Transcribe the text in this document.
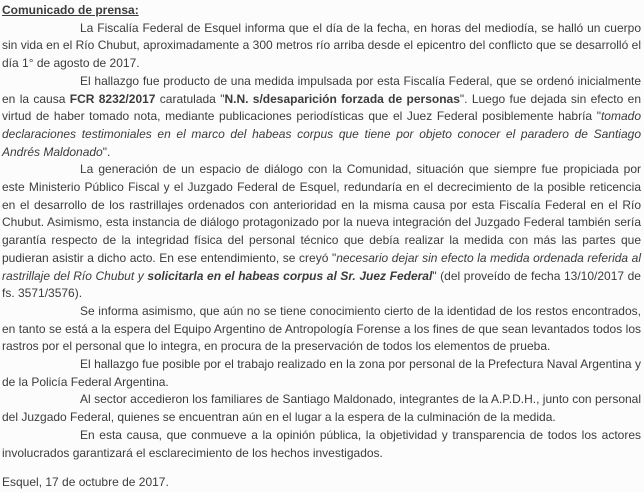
Comunicado de prensa:

La Fiscalía Federal de Esquel informa que el día de la fecha, en horas del mediodía, se halló un cuerpo sin vida en el Río Chubut, aproximadamente a 300 metros río arriba desde el epicentro del conflicto que se desarrolló el día 1° de agosto de 2017.

El hallazgo fue producto de una medida impulsada por esta Fiscalía Federal, que se ordenó inicialmente en la causa FCR 8232/2017 caratulada "N.N. s/desaparición forzada de personas". Luego fue dejada sin efecto en virtud de haber tomado nota, mediante publicaciones periodísticas que el Juez Federal posiblemente habría "tomado declaraciones testimoniales en el marco del habeas corpus que tiene por objeto conocer el paradero de Santiago Andrés Maldonado".

La generación de un espacio de diálogo con la Comunidad, situación que siempre fue propiciada por este Ministerio Público Fiscal y el Juzgado Federal de Esquel, redundaría en el decrecimiento de la posible reticencia en el desarrollo de los rastrillajes ordenados con anterioridad en la misma causa por esta Fiscalía Federal en el Río Chubut. Asimismo, esta instancia de diálogo protagonizado por la nueva integración del Juzgado Federal también sería garantía respecto de la integridad física del personal técnico que debía realizar la medida con más las partes que pudieran asistir a dicho acto. En ese entendimiento, se creyó "necesario dejar sin efecto la medida ordenada referida al rastrillaje del Río Chubut y solicitarla en el habeas corpus al Sr. Juez Federal" (del proveído de fecha 13/10/2017 de fs. 3571/3576).

Se informa asimismo, que aún no se tiene conocimiento cierto de la identidad de los restos encontrados, en tanto se está a la espera del Equipo Argentino de Antropología Forense a los fines de que sean levantados todos los rastros por el personal que lo integra, en procura de la preservación de todos los elementos de prueba.

El hallazgo fue posible por el trabajo realizado en la zona por personal de la Prefectura Naval Argentina y de la Policía Federal Argentina.

Al sector accedieron los familiares de Santiago Maldonado, integrantes de la A.P.D.H., junto con personal del Juzgado Federal, quienes se encuentran aún en el lugar a la espera de la culminación de la medida.

En esta causa, que conmueve a la opinión pública, la objetividad y transparencia de todos los actores involucrados garantizará el esclarecimiento de los hechos investigados.

Esquel, 17 de octubre de 2017.
